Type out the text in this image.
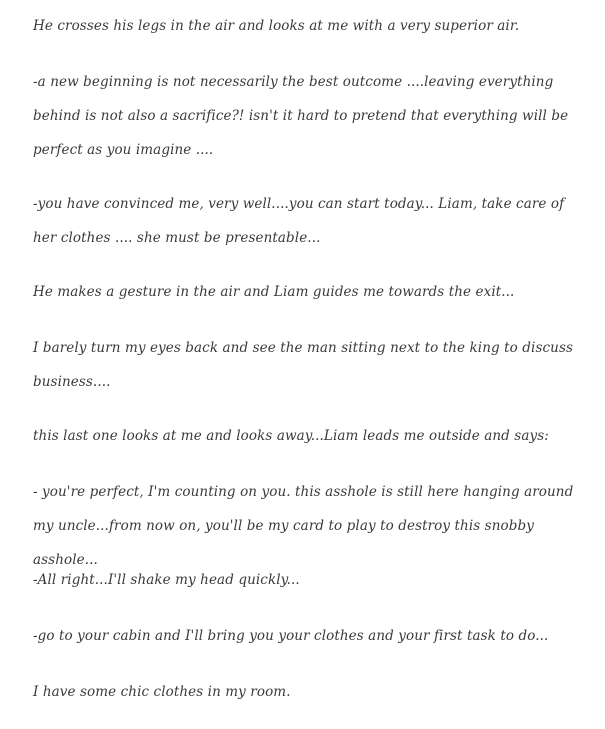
He crosses his legs in the air and looks at me with a very superior air.

-a new beginning is not necessarily the best outcome ....leaving everything behind is not also a sacrifice?! isn't it hard to pretend that everything will be perfect as you imagine ....

-you have convinced me, very well....you can start today... Liam, take care of her clothes .... she must be presentable...

He makes a gesture in the air and Liam guides me towards the exit...

I barely turn my eyes back and see the man sitting next to the king to discuss business....

this last one looks at me and looks away...Liam leads me outside and says:

- you're perfect, I'm counting on you. this asshole is still here hanging around my uncle...from now on, you'll be my card to play to destroy this snobby asshole...

-All right...I'll shake my head quickly...

-go to your cabin and I'll bring you your clothes and your first task to do...

I have some chic clothes in my room.
